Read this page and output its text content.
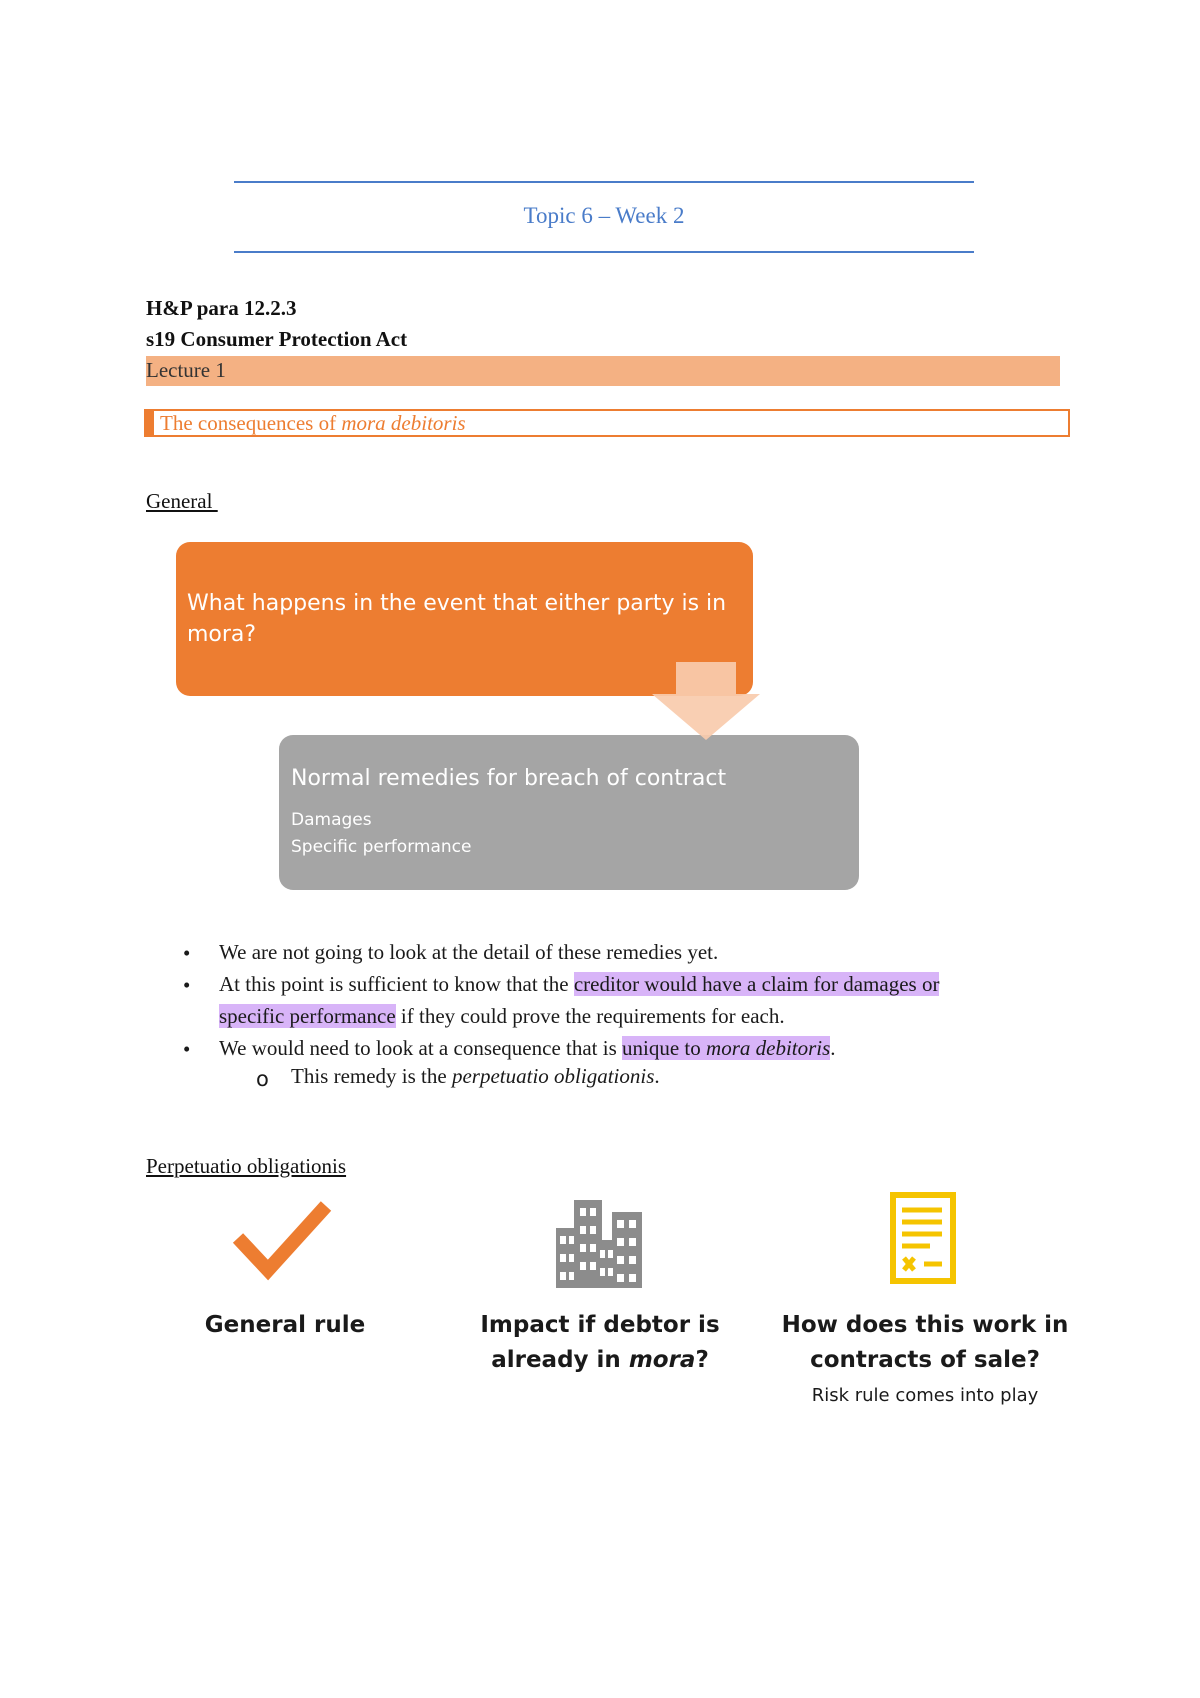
Topic 6 – Week 2
H&P para 12.2.3
s19 Consumer Protection Act
Lecture 1
The consequences of mora debitoris
General
What happens in the event that either party is in mora?
Normal remedies for breach of contract
Damages
Specific performance
• We are not going to look at the detail of these remedies yet.
• At this point is sufficient to know that the creditor would have a claim for damages or
specific performance if they could prove the requirements for each.
• We would need to look at a consequence that is unique to mora debitoris.
o This remedy is the perpetuatio obligationis.
Perpetuatio obligationis
General rule	Impact if debtor is
already in mora?
How does this work in
contracts of sale?
Risk rule comes into play
